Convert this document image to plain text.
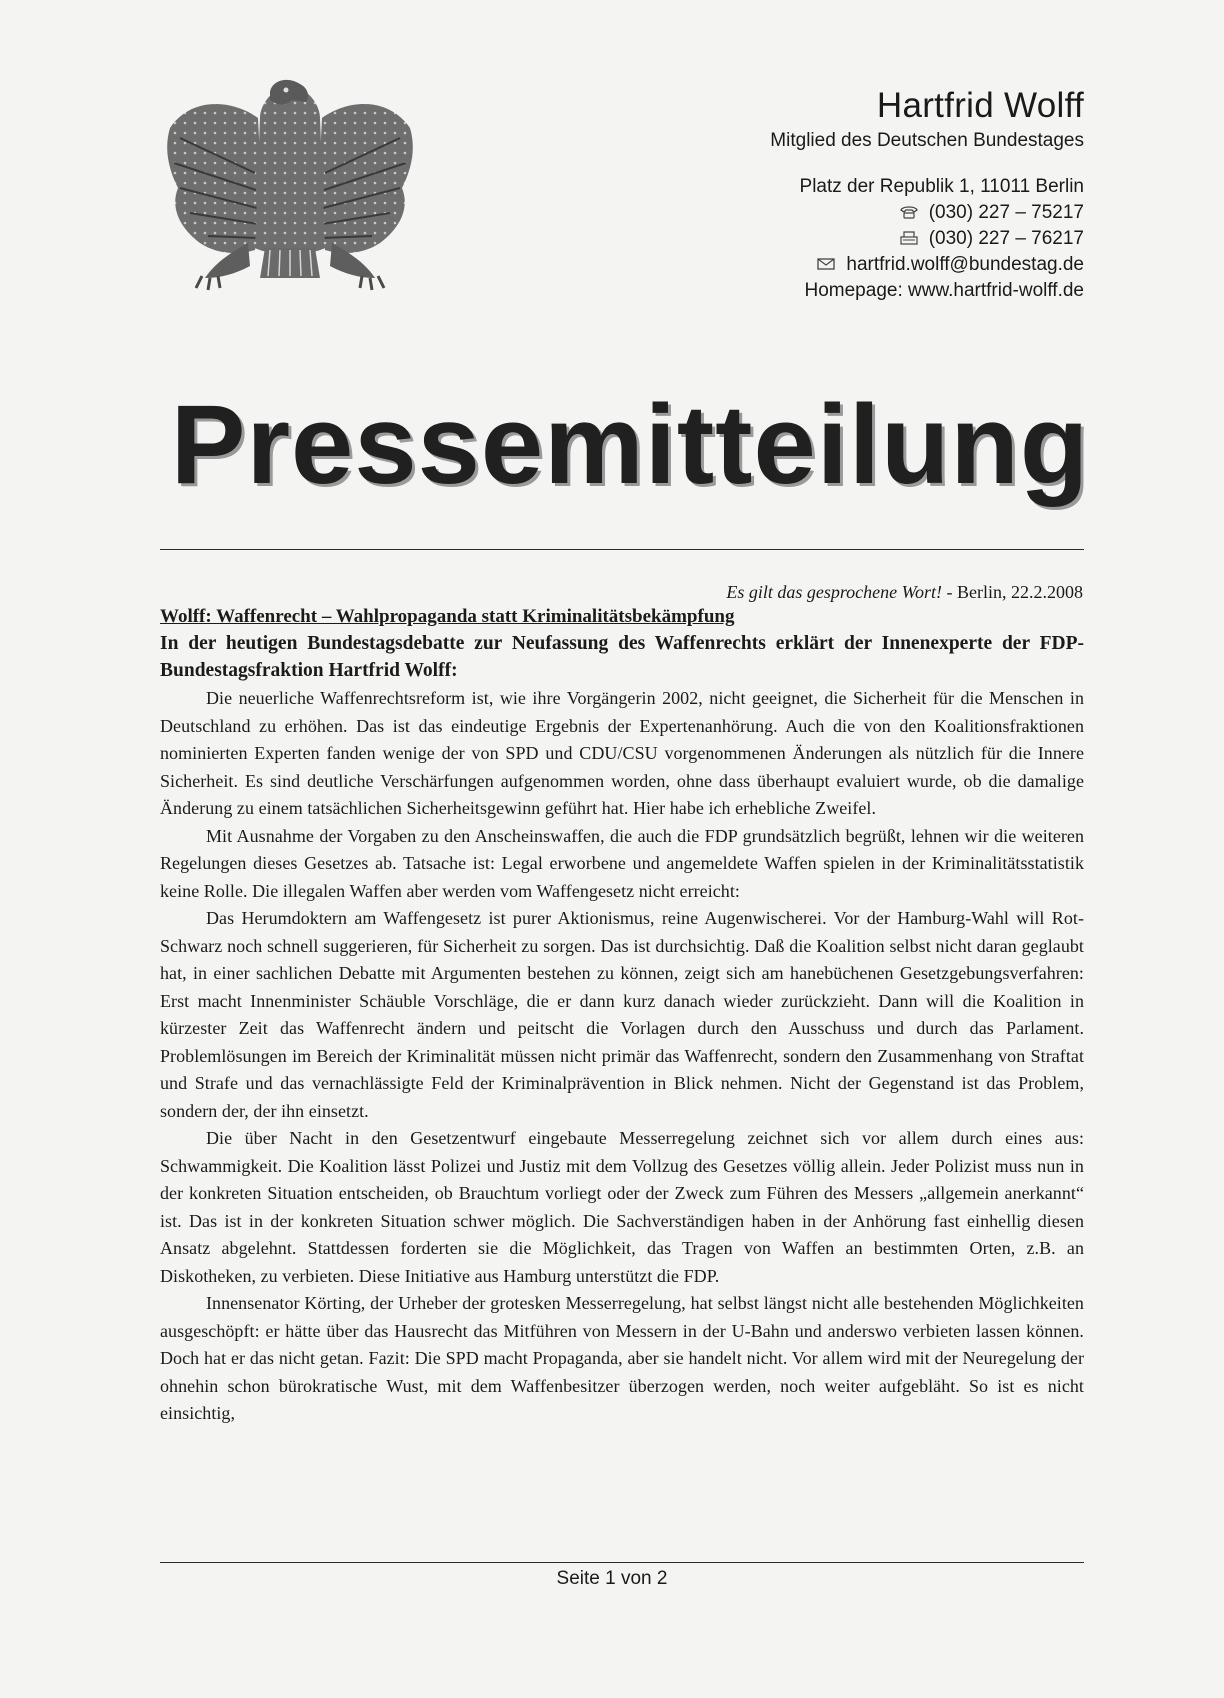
Hartfrid Wolff
Mitglied des Deutschen Bundestages
Platz der Republik 1, 11011 Berlin
(030) 227 – 75217
(030) 227 – 76217
hartfrid.wolff@bundestag.de
Homepage: www.hartfrid-wolff.de
Pressemitteilung
Es gilt das gesprochene Wort! - Berlin, 22.2.2008
Wolff: Waffenrecht – Wahlpropaganda statt Kriminalitätsbekämpfung
In der heutigen Bundestagsdebatte zur Neufassung des Waffenrechts erklärt der Innenexperte der FDP-Bundestagsfraktion Hartfrid Wolff:

Die neuerliche Waffenrechtsreform ist, wie ihre Vorgängerin 2002, nicht geeignet, die Sicherheit für die Menschen in Deutschland zu erhöhen. Das ist das eindeutige Ergebnis der Expertenanhörung. Auch die von den Koalitionsfraktionen nominierten Experten fanden wenige der von SPD und CDU/CSU vorgenommenen Änderungen als nützlich für die Innere Sicherheit. Es sind deutliche Verschärfungen aufgenommen worden, ohne dass überhaupt evaluiert wurde, ob die damalige Änderung zu einem tatsächlichen Sicherheitsgewinn geführt hat. Hier habe ich erhebliche Zweifel.

Mit Ausnahme der Vorgaben zu den Anscheinswaffen, die auch die FDP grundsätzlich begrüßt, lehnen wir die weiteren Regelungen dieses Gesetzes ab. Tatsache ist: Legal erworbene und angemeldete Waffen spielen in der Kriminalitätsstatistik keine Rolle. Die illegalen Waffen aber werden vom Waffengesetz nicht erreicht:

Das Herumdoktern am Waffengesetz ist purer Aktionismus, reine Augenwischerei. Vor der Hamburg-Wahl will Rot-Schwarz noch schnell suggerieren, für Sicherheit zu sorgen. Das ist durchsichtig. Daß die Koalition selbst nicht daran geglaubt hat, in einer sachlichen Debatte mit Argumenten bestehen zu können, zeigt sich am hanebüchenen Gesetzgebungsverfahren: Erst macht Innenminister Schäuble Vorschläge, die er dann kurz danach wieder zurückzieht. Dann will die Koalition in kürzester Zeit das Waffenrecht ändern und peitscht die Vorlagen durch den Ausschuss und durch das Parlament. Problemlösungen im Bereich der Kriminalität müssen nicht primär das Waffenrecht, sondern den Zusammenhang von Straftat und Strafe und das vernachlässigte Feld der Kriminalprävention in Blick nehmen. Nicht der Gegenstand ist das Problem, sondern der, der ihn einsetzt.

Die über Nacht in den Gesetzentwurf eingebaute Messerregelung zeichnet sich vor allem durch eines aus: Schwammigkeit. Die Koalition lässt Polizei und Justiz mit dem Vollzug des Gesetzes völlig allein. Jeder Polizist muss nun in der konkreten Situation entscheiden, ob Brauchtum vorliegt oder der Zweck zum Führen des Messers „allgemein anerkannt“ ist. Das ist in der konkreten Situation schwer möglich. Die Sachverständigen haben in der Anhörung fast einhellig diesen Ansatz abgelehnt. Stattdessen forderten sie die Möglichkeit, das Tragen von Waffen an bestimmten Orten, z.B. an Diskotheken, zu verbieten. Diese Initiative aus Hamburg unterstützt die FDP.

Innensenator Körting, der Urheber der grotesken Messerregelung, hat selbst längst nicht alle bestehenden Möglichkeiten ausgeschöpft: er hätte über das Hausrecht das Mitführen von Messern in der U-Bahn und anderswo verbieten lassen können. Doch hat er das nicht getan. Fazit: Die SPD macht Propaganda, aber sie handelt nicht. Vor allem wird mit der Neuregelung der ohnehin schon bürokratische Wust, mit dem Waffenbesitzer überzogen werden, noch weiter aufgebläht. So ist es nicht einsichtig,

Seite 1 von 2
